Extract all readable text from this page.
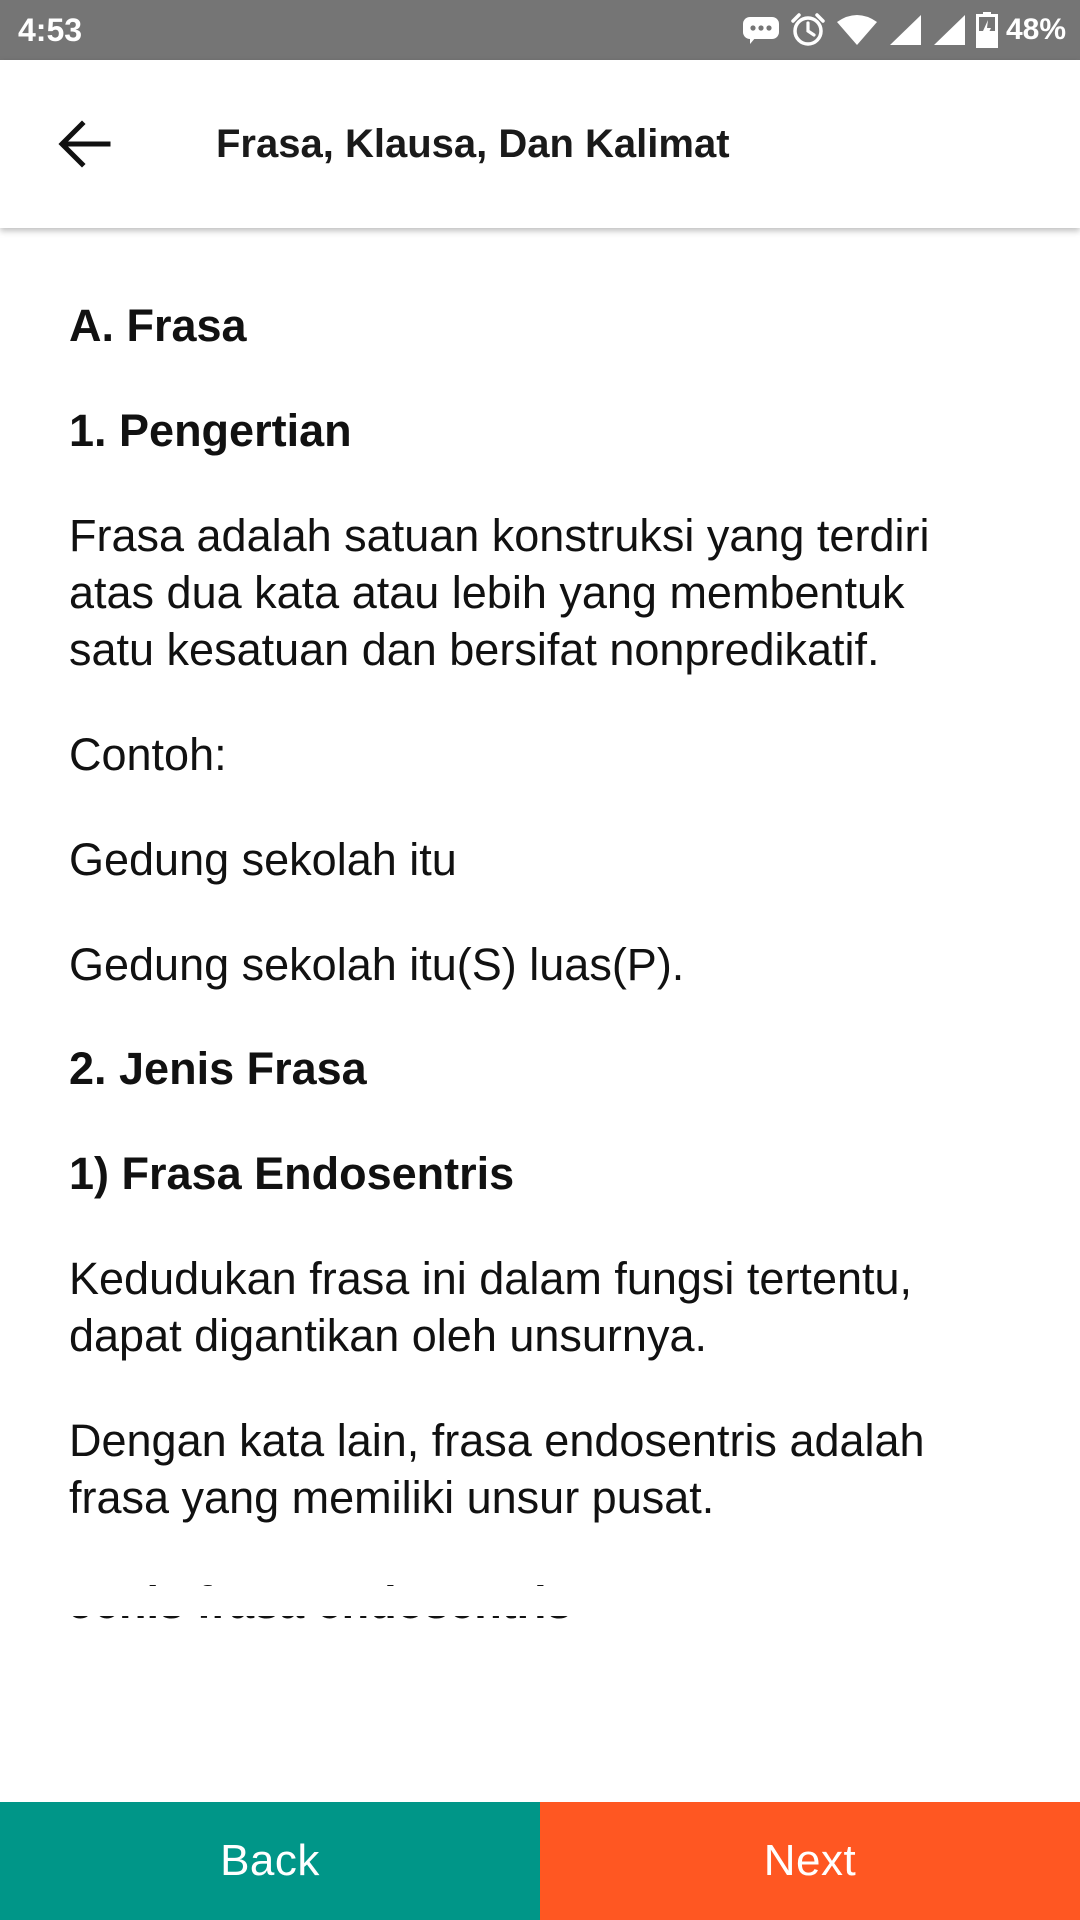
4:53	48%
Frasa, Klausa, Dan Kalimat
A. Frasa
1. Pengertian
Frasa adalah satuan konstruksi yang terdiri
atas dua kata atau lebih yang membentuk
satu kesatuan dan bersifat nonpredikatif.
Contoh:
Gedung sekolah itu
Gedung sekolah itu(S) luas(P).
2. Jenis Frasa
1) Frasa Endosentris
Kedudukan frasa ini dalam fungsi tertentu,
dapat digantikan oleh unsurnya.
Dengan kata lain, frasa endosentris adalah
frasa yang memiliki unsur pusat.
Back	Next
